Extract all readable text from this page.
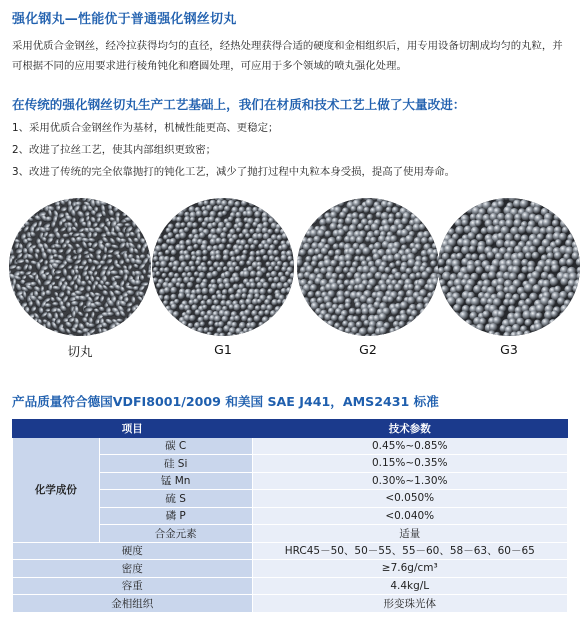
强化钢丸—性能优于普通强化钢丝切丸

采用优质合金钢丝，经冷拉获得均匀的直径，经热处理获得合适的硬度和金相组织后，用专用设备切割成均匀的丸粒，并可根据不同的应用要求进行棱角钝化和磨圆处理，可应用于多个领域的喷丸强化处理。

在传统的强化钢丝切丸生产工艺基础上，我们在材质和技术工艺上做了大量改进：
1、采用优质合金钢丝作为基材，机械性能更高、更稳定；
2、改进了拉丝工艺，使其内部组织更致密；
3、改进了传统的完全依靠抛打的钝化工艺，减少了抛打过程中丸粒本身受损，提高了使用寿命。
切丸	G1	G2	G3
产品质量符合德国VDFI8001/2009 和美国 SAE J441，AMS2431 标准
项目		技术参数
化学成份	碳 C	0.45%~0.85%
	硅 Si	0.15%~0.35%
	锰 Mn	0.30%~1.30%
	硫 S	<0.050%
	磷 P	<0.040%
	合金元素	适量
硬度		HRC45－50、50－55、55－60、58－63、60－65
密度		≥7.6g/cm³
容重		4.4kg/L
金相组织		形变珠光体
